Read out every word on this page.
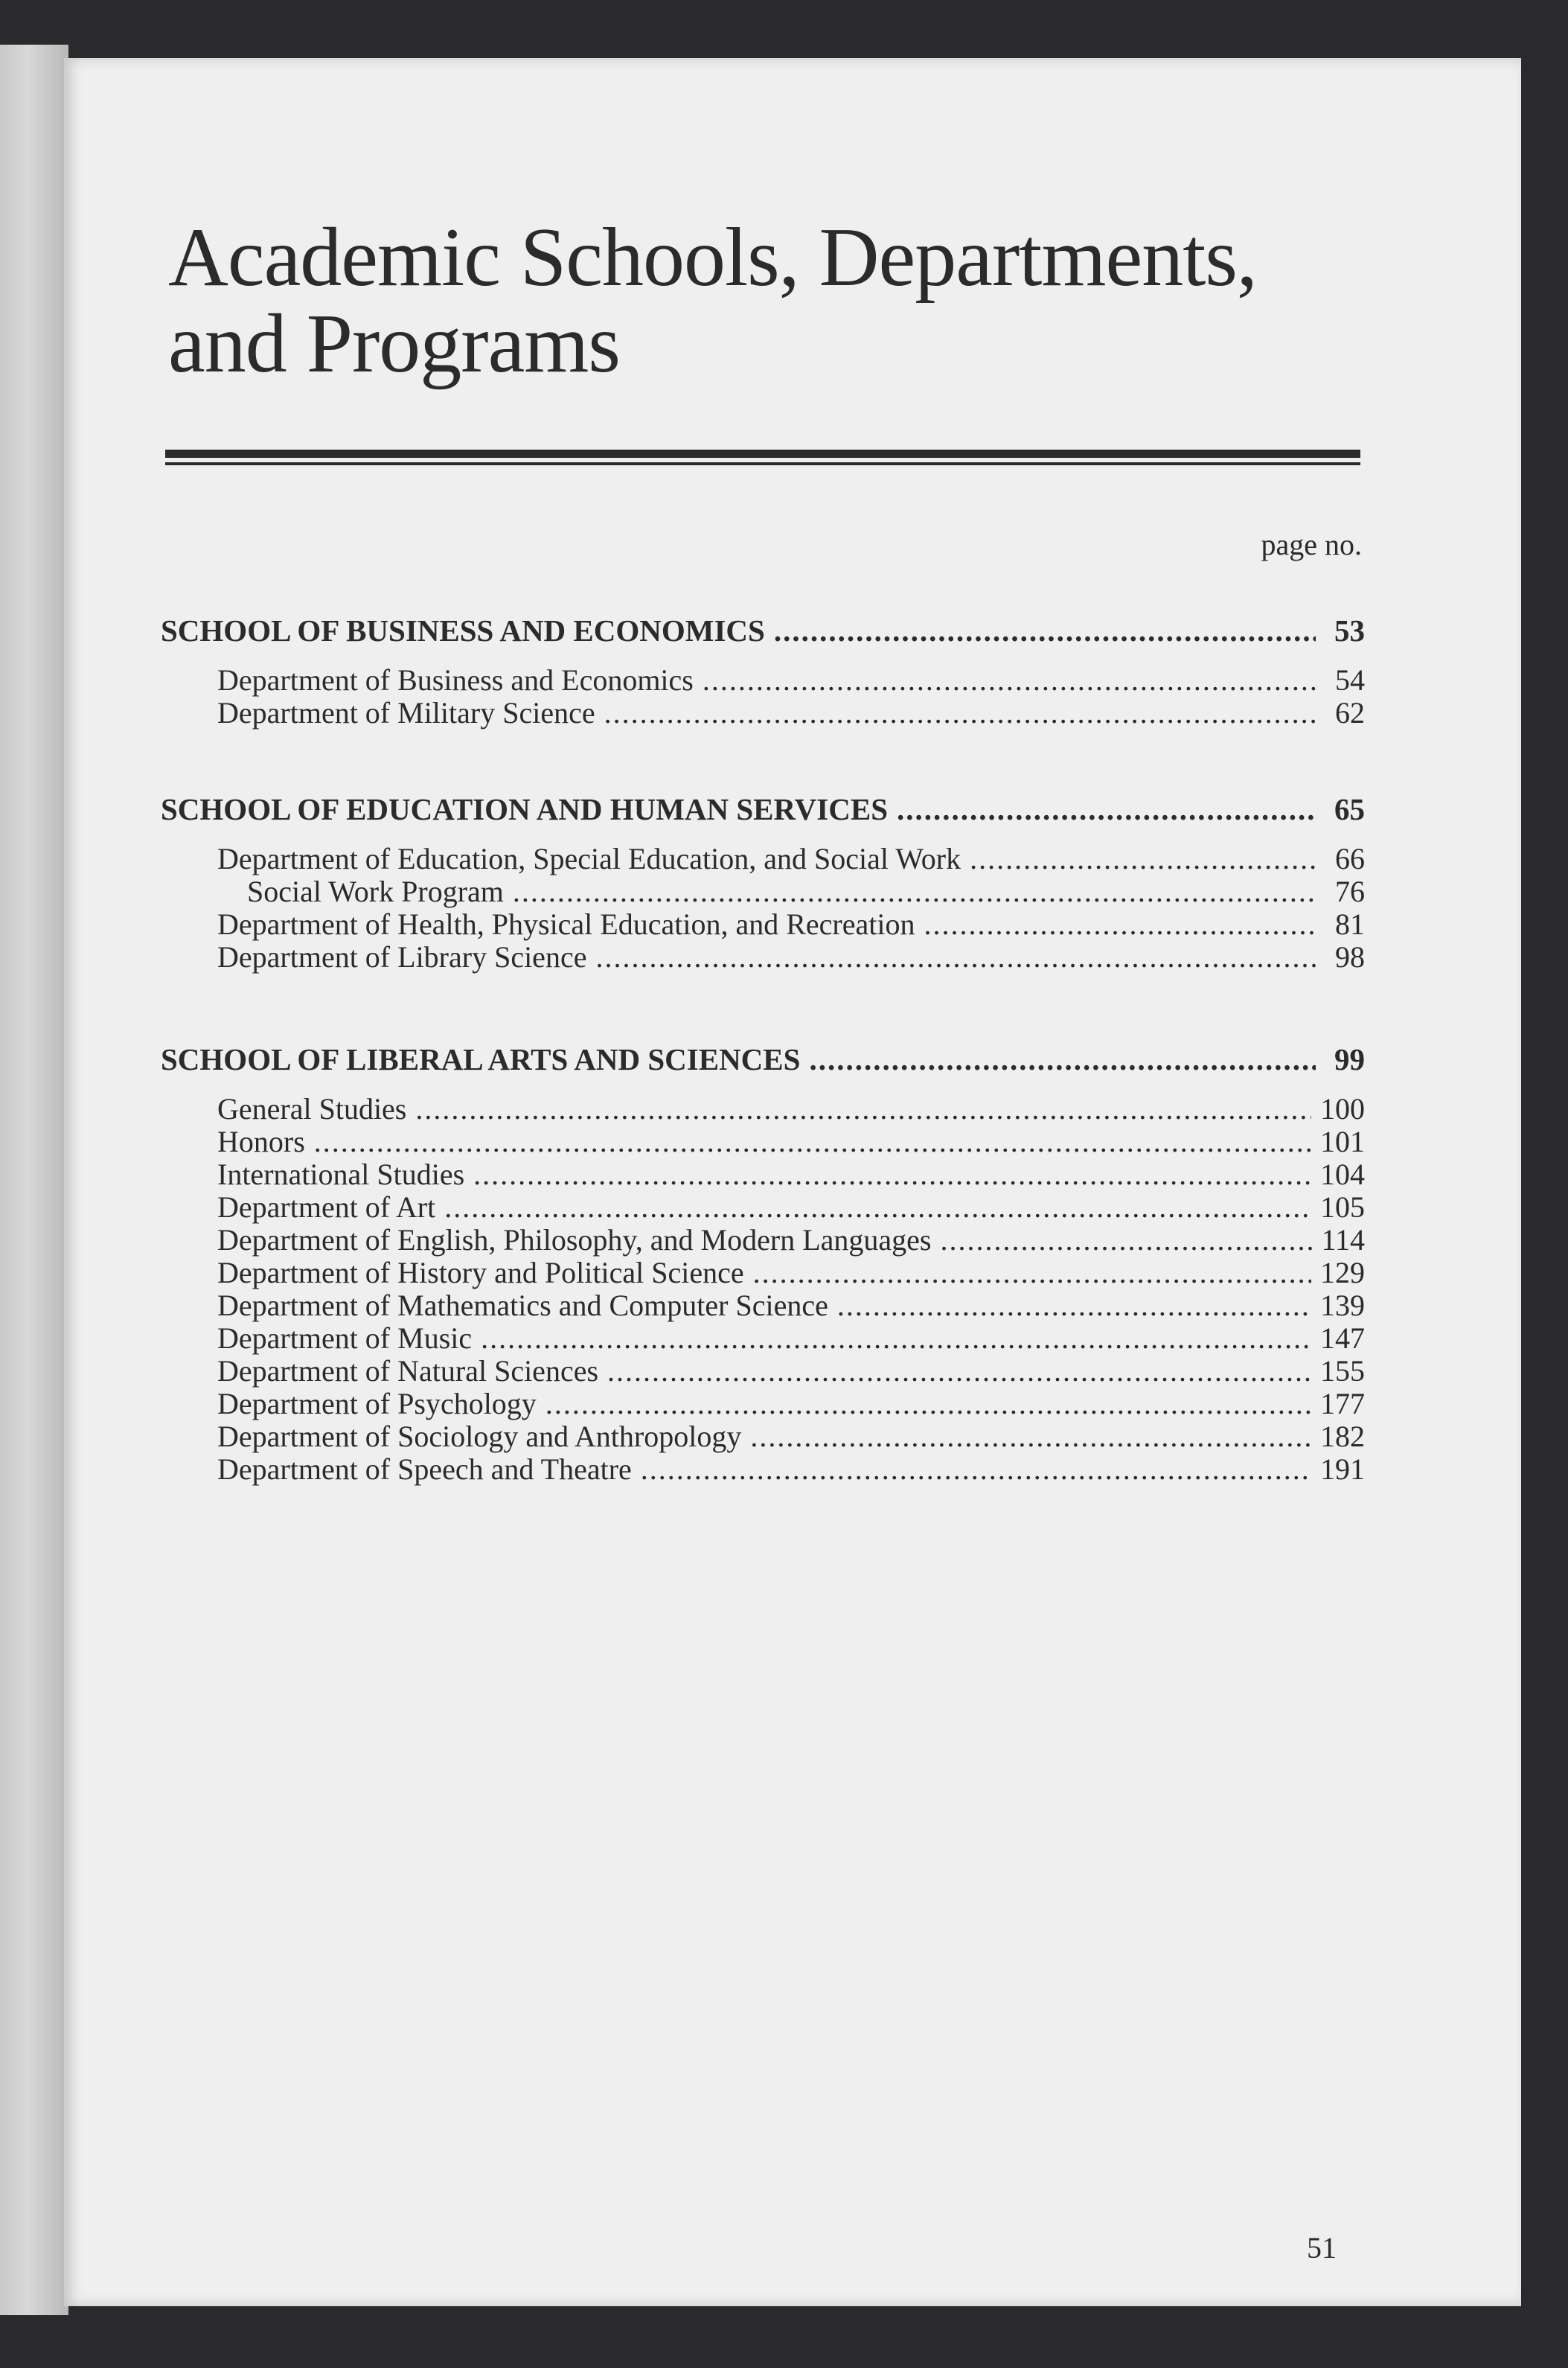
Academic Schools, Departments,
and Programs
page no.
SCHOOL OF BUSINESS AND ECONOMICS .....	53
Department of Business and Economics .....	54
Department of Military Science .....	62
SCHOOL OF EDUCATION AND HUMAN SERVICES .....	65
Department of Education, Special Education, and Social Work .....	66
Social Work Program .....	76
Department of Health, Physical Education, and Recreation .....	81
Department of Library Science .....	98
SCHOOL OF LIBERAL ARTS AND SCIENCES .....	99
General Studies .....	100
Honors .....	101
International Studies .....	104
Department of Art .....	105
Department of English, Philosophy, and Modern Languages .....	114
Department of History and Political Science .....	129
Department of Mathematics and Computer Science .....	139
Department of Music .....	147
Department of Natural Sciences .....	155
Department of Psychology .....	177
Department of Sociology and Anthropology .....	182
Department of Speech and Theatre .....	191
51
